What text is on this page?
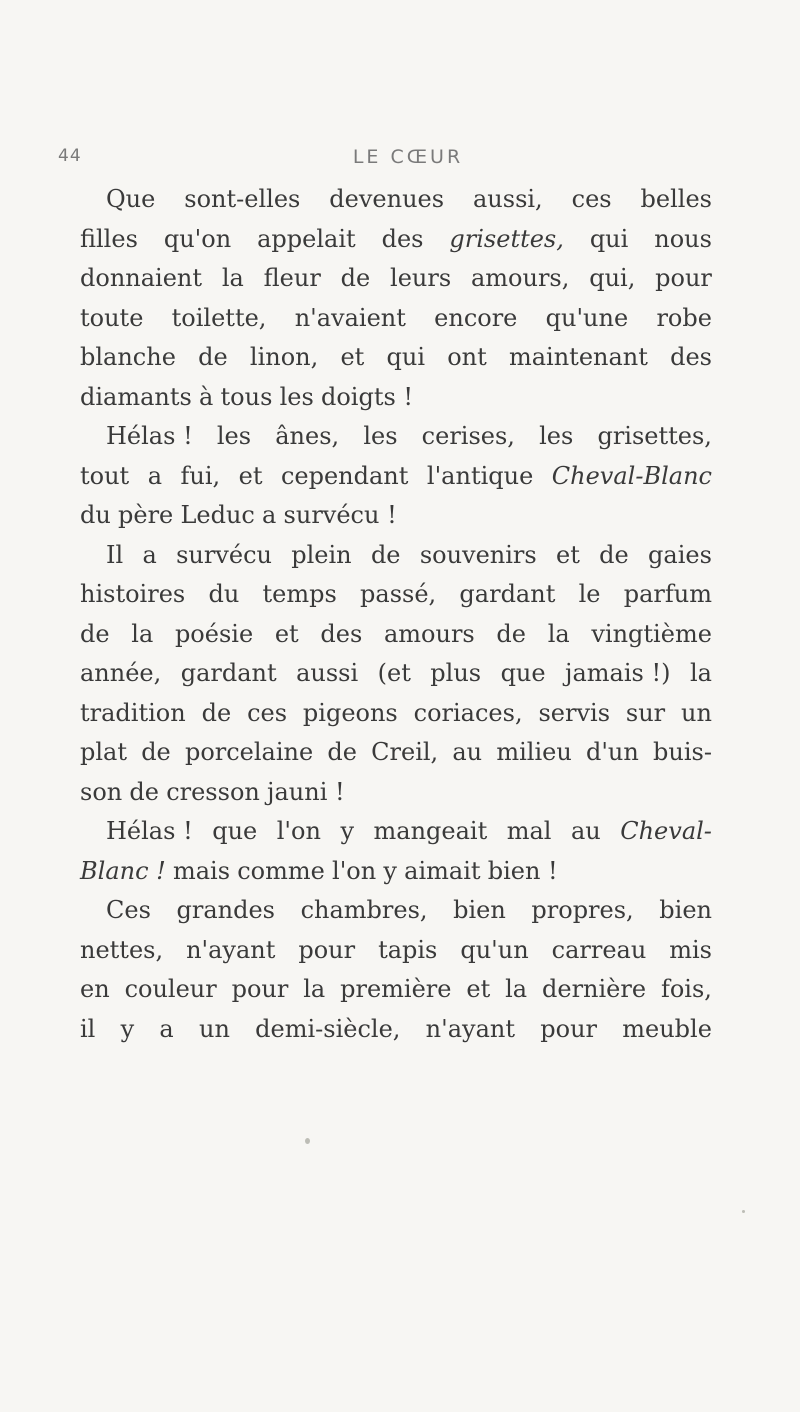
44	LE CŒUR
Que sont-elles devenues aussi, ces belles
filles qu'on appelait des grisettes, qui nous
donnaient la fleur de leurs amours, qui, pour
toute toilette, n'avaient encore qu'une robe
blanche de linon, et qui ont maintenant des
diamants à tous les doigts !
Hélas ! les ânes, les cerises, les grisettes,
tout a fui, et cependant l'antique Cheval-Blanc
du père Leduc a survécu !
Il a survécu plein de souvenirs et de gaies
histoires du temps passé, gardant le parfum
de la poésie et des amours de la vingtième
année, gardant aussi (et plus que jamais !) la
tradition de ces pigeons coriaces, servis sur un
plat de porcelaine de Creil, au milieu d'un buis-
son de cresson jauni !
Hélas ! que l'on y mangeait mal au Cheval-
Blanc ! mais comme l'on y aimait bien !
Ces grandes chambres, bien propres, bien
nettes, n'ayant pour tapis qu'un carreau mis
en couleur pour la première et la dernière fois,
il y a un demi-siècle, n'ayant pour meuble
